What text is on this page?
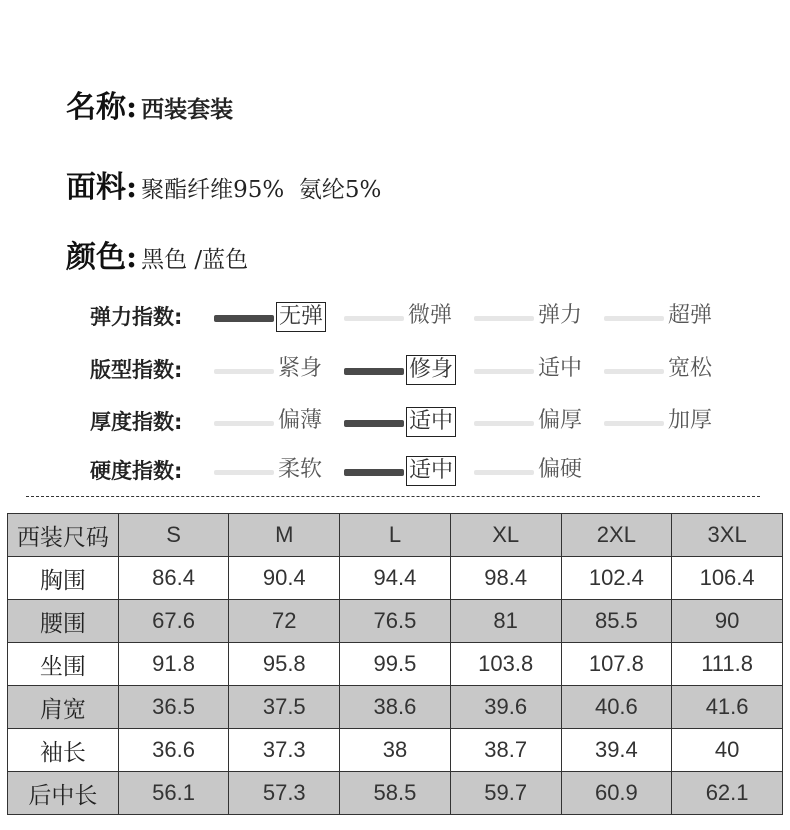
名称: 西装套装
面料: 聚酯纤维95%  氨纶5%
颜色: 黑色 /蓝色
弹力指数:	无弹	微弹	弹力	超弹
版型指数:	紧身	修身	适中	宽松
厚度指数:	偏薄	适中	偏厚	加厚
硬度指数:	柔软	适中	偏硬
西装尺码	S	M	L	XL	2XL	3XL
胸围	86.4	90.4	94.4	98.4	102.4	106.4
腰围	67.6	72	76.5	81	85.5	90
坐围	91.8	95.8	99.5	103.8	107.8	111.8
肩宽	36.5	37.5	38.6	39.6	40.6	41.6
袖长	36.6	37.3	38	38.7	39.4	40
后中长	56.1	57.3	58.5	59.7	60.9	62.1
